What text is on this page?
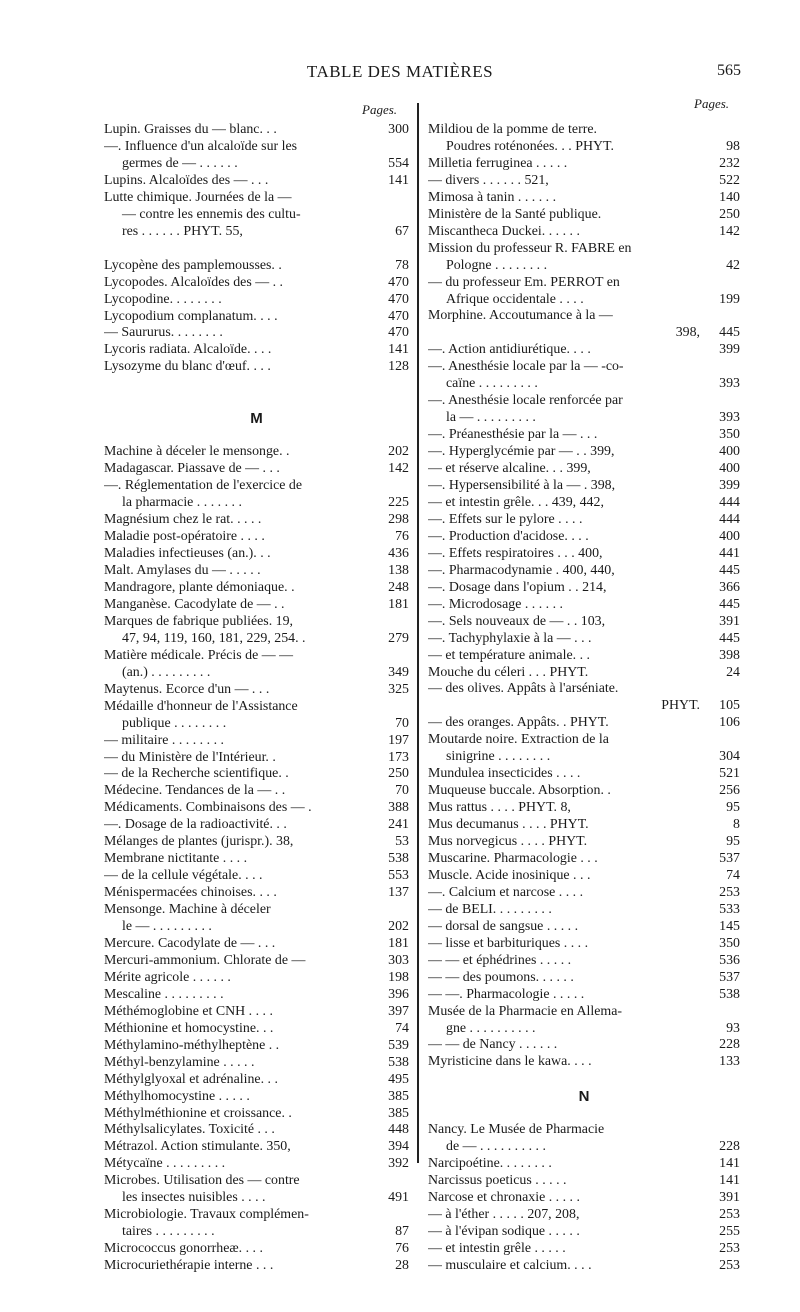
TABLE DES MATIÈRES	565
Pages.	Pages.
Lupin. Graisses du — blanc. . .	300
—. Influence d'un alcaloïde sur les
germes de — . . . . . .	554
Lupins. Alcaloïdes des — . . .	141
Lutte chimique. Journées de la —
— contre les ennemis des cultu-
res . . . . . . PHYT. 55,	67
Lycopène des pamplemousses. .	78
Lycopodes. Alcaloïdes des — . .	470
Lycopodine. . . . . . . .	470
Lycopodium complanatum. . . .	470
— Saururus. . . . . . . .	470
Lycoris radiata. Alcaloïde. . . .	141
Lysozyme du blanc d'œuf. . . .	128
M
Machine à déceler le mensonge. .	202
Madagascar. Piassave de — . . .	142
—. Réglementation de l'exercice de
la pharmacie . . . . . . .	225
Magnésium chez le rat. . . . .	298
Maladie post-opératoire . . . .	76
Maladies infectieuses (an.). . .	436
Malt. Amylases du — . . . . .	138
Mandragore, plante démoniaque. .	248
Manganèse. Cacodylate de — . .	181
Marques de fabrique publiées. 19,
47, 94, 119, 160, 181, 229, 254. .	279
Matière médicale. Précis de — —
(an.) . . . . . . . . .	349
Maytenus. Ecorce d'un — . . .	325
Médaille d'honneur de l'Assistance
publique . . . . . . . .	70
— militaire . . . . . . . .	197
— du Ministère de l'Intérieur. .	173
— de la Recherche scientifique. .	250
Médecine. Tendances de la — . .	70
Médicaments. Combinaisons des — .	388
—. Dosage de la radioactivité. . .	241
Mélanges de plantes (jurispr.). 38,	53
Membrane nictitante . . . .	538
— de la cellule végétale. . . .	553
Ménispermacées chinoises. . . .	137
Mensonge. Machine à déceler
le — . . . . . . . . .	202
Mercure. Cacodylate de — . . .	181
Mercuri-ammonium. Chlorate de —	303
Mérite agricole . . . . . .	198
Mescaline . . . . . . . . .	396
Méthémoglobine et CNH . . . .	397
Méthionine et homocystine. . .	74
Méthylamino-méthylheptène . .	539
Méthyl-benzylamine . . . . .	538
Méthylglyoxal et adrénaline. . .	495
Méthylhomocystine . . . . .	385
Méthylméthionine et croissance. .	385
Méthylsalicylates. Toxicité . . .	448
Métrazol. Action stimulante. 350,	394
Métycaïne . . . . . . . . .	392
Microbes. Utilisation des — contre
les insectes nuisibles . . . .	491
Microbiologie. Travaux complémen-
taires . . . . . . . . .	87
Micrococcus gonorrheæ. . . .	76
Microcuriethérapie interne . . .	28
Mildiou de la pomme de terre.
Poudres roténonées. . . PHYT.	98
Milletia ferruginea . . . . .	232
— divers . . . . . . 521,	522
Mimosa à tanin . . . . . .	140
Ministère de la Santé publique.	250
Miscantheca Duckei. . . . . .	142
Mission du professeur R. FABRE en
Pologne . . . . . . . .	42
— du professeur Em. PERROT en
Afrique occidentale . . . .	199
Morphine. Accoutumance à la —
398,	445
—. Action antidiurétique. . . .	399
—. Anesthésie locale par la — -co-
caïne . . . . . . . . .	393
—. Anesthésie locale renforcée par
la — . . . . . . . . .	393
—. Préanesthésie par la — . . .	350
—. Hyperglycémie par — . . 399,	400
— et réserve alcaline. . . 399,	400
—. Hypersensibilité à la — . 398,	399
— et intestin grêle. . . 439, 442,	444
—. Effets sur le pylore . . . .	444
—. Production d'acidose. . . .	400
—. Effets respiratoires . . . 400,	441
—. Pharmacodynamie . 400, 440,	445
—. Dosage dans l'opium . . 214,	366
—. Microdosage . . . . . .	445
—. Sels nouveaux de — . . 103,	391
—. Tachyphylaxie à la — . . .	445
— et température animale. . .	398
Mouche du céleri . . . PHYT.	24
— des olives. Appâts à l'arséniate.
PHYT.	105
— des oranges. Appâts. . PHYT.	106
Moutarde noire. Extraction de la
sinigrine . . . . . . . .	304
Mundulea insecticides . . . .	521
Muqueuse buccale. Absorption. .	256
Mus rattus . . . . PHYT. 8,	95
Mus decumanus . . . . PHYT.	8
Mus norvegicus . . . . PHYT.	95
Muscarine. Pharmacologie . . .	537
Muscle. Acide inosinique . . .	74
—. Calcium et narcose . . . .	253
— de BELI. . . . . . . . .	533
— dorsal de sangsue . . . . .	145
— lisse et barbituriques . . . .	350
— — et éphédrines . . . . .	536
— — des poumons. . . . . .	537
— —. Pharmacologie . . . . .	538
Musée de la Pharmacie en Allema-
gne . . . . . . . . . .	93
— — de Nancy . . . . . .	228
Myristicine dans le kawa. . . .	133
N
Nancy. Le Musée de Pharmacie
de — . . . . . . . . . .	228
Narcipoétine. . . . . . . .	141
Narcissus poeticus . . . . .	141
Narcose et chronaxie . . . . .	391
— à l'éther . . . . . 207, 208,	253
— à l'évipan sodique . . . . .	255
— et intestin grêle . . . . .	253
— musculaire et calcium. . . .	253
